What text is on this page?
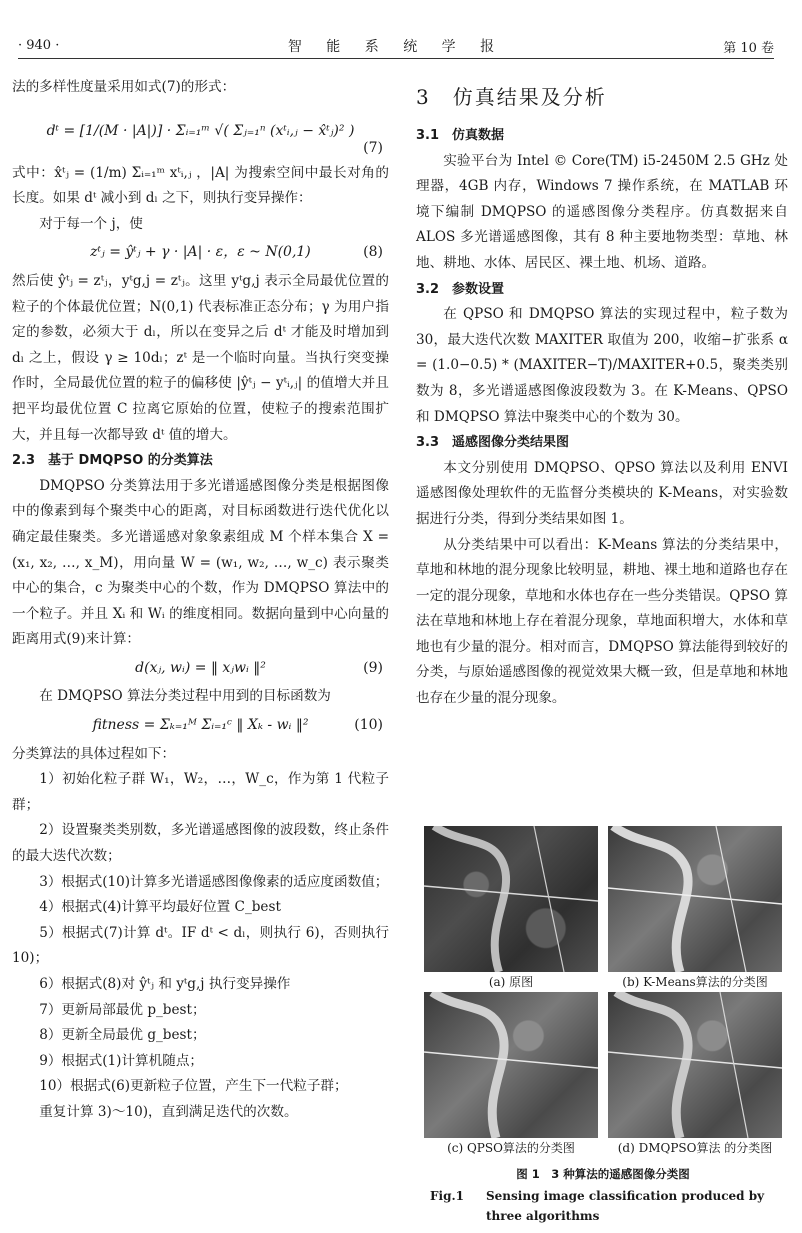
· 940 ·	智 能 系 统 学 报	第 10 卷

法的多样性度量采用如式(7)的形式：

dᵗ = [1/(M · |A|)] · Σᵢ₌₁ᵐ √( Σⱼ₌₁ⁿ (xᵗᵢ,ⱼ − x̂ᵗⱼ)² )
(7)

式中：x̂ᵗⱼ = (1/m) Σᵢ₌₁ᵐ xᵗᵢ,ⱼ ，|A| 为搜索空间中最长对角的长度。如果 dᵗ 减小到 dₗ 之下，则执行变异操作：

对于每一个 j，使

zᵗⱼ = ŷᵗⱼ + γ · |A| · ε，ε ~ N(0,1)	(8)

然后使 ŷᵗⱼ = zᵗⱼ，yᵗg,j = zᵗⱼ。这里 yᵗg,j 表示全局最优位置的粒子的个体最优位置；N(0,1) 代表标准正态分布；γ 为用户指定的参数，必须大于 dₗ，所以在变异之后 dᵗ 才能及时增加到 dₗ 之上，假设 γ ≥ 10dₗ；zᵗ 是一个临时向量。当执行突变操作时，全局最优位置的粒子的偏移使 |ŷᵗⱼ − yᵗᵢ,ⱼ| 的值增大并且把平均最优位置 C 拉离它原始的位置，使粒子的搜索范围扩大，并且每一次都导致 dᵗ 值的增大。

2.3　基于 DMQPSO 的分类算法

DMQPSO 分类算法用于多光谱遥感图像分类是根据图像中的像素到每个聚类中心的距离，对目标函数进行迭代优化以确定最佳聚类。多光谱遥感对象象素组成 M 个样本集合 X = (x₁, x₂, …, x_M)，用向量 W = (w₁, w₂, …, w_c) 表示聚类中心的集合，c 为聚类中心的个数，作为 DMQPSO 算法中的一个粒子。并且 Xᵢ 和 Wᵢ 的维度相同。数据向量到中心向量的距离用式(9)来计算：

d(xⱼ, wᵢ) = ‖ xⱼwᵢ ‖²	(9)

在 DMQPSO 算法分类过程中用到的目标函数为

fitness = Σₖ₌₁ᴹ Σᵢ₌₁ᶜ ‖ Xₖ - wᵢ ‖²	(10)

分类算法的具体过程如下：

1）初始化粒子群 W₁，W₂，…，W_c，作为第 1 代粒子群；

2）设置聚类类别数，多光谱遥感图像的波段数，终止条件的最大迭代次数；

3）根据式(10)计算多光谱遥感图像像素的适应度函数值；

4）根据式(4)计算平均最好位置 C_best

5）根据式(7)计算 dᵗ。IF dᵗ < dₗ，则执行 6)，否则执行 10)；

6）根据式(8)对 ŷᵗⱼ 和 yᵗg,j 执行变异操作

7）更新局部最优 p_best；

8）更新全局最优 g_best；

9）根据式(1)计算机随点；

10）根据式(6)更新粒子位置，产生下一代粒子群；

重复计算 3)～10)，直到满足迭代的次数。

3　仿真结果及分析

3.1　仿真数据

实验平台为 Intel © Core(TM) i5-2450M 2.5 GHz 处理器，4GB 内存，Windows 7 操作系统，在 MATLAB 环境下编制 DMQPSO 的遥感图像分类程序。仿真数据来自 ALOS 多光谱遥感图像，其有 8 种主要地物类型：草地、林地、耕地、水体、居民区、裸土地、机场、道路。

3.2　参数设置

在 QPSO 和 DMQPSO 算法的实现过程中，粒子数为 30，最大迭代次数 MAXITER 取值为 200，收缩−扩张系 α = (1.0−0.5) * (MAXITER−T)/MAXITER+0.5，聚类类别数为 8，多光谱遥感图像波段数为 3。在 K-Means、QPSO 和 DMQPSO 算法中聚类中心的个数为 30。

3.3　遥感图像分类结果图

本文分别使用 DMQPSO、QPSO 算法以及利用 ENVI 遥感图像处理软件的无监督分类模块的 K-Means，对实验数据进行分类，得到分类结果如图 1。

从分类结果中可以看出：K-Means 算法的分类结果中，草地和林地的混分现象比较明显，耕地、裸土地和道路也存在一定的混分现象，草地和水体也存在一些分类错误。QPSO 算法在草地和林地上存在着混分现象，草地面积增大，水体和草地也有少量的混分。相对而言，DMQPSO 算法能得到较好的分类，与原始遥感图像的视觉效果大概一致，但是草地和林地也存在少量的混分现象。

(a) 原图	(b) K-Means算法的分类图
(c) QPSO算法的分类图	(d) DMQPSO算法 的分类图
图 1　3 种算法的遥感图像分类图
Fig.1	Sensing image classification produced by three algorithms
